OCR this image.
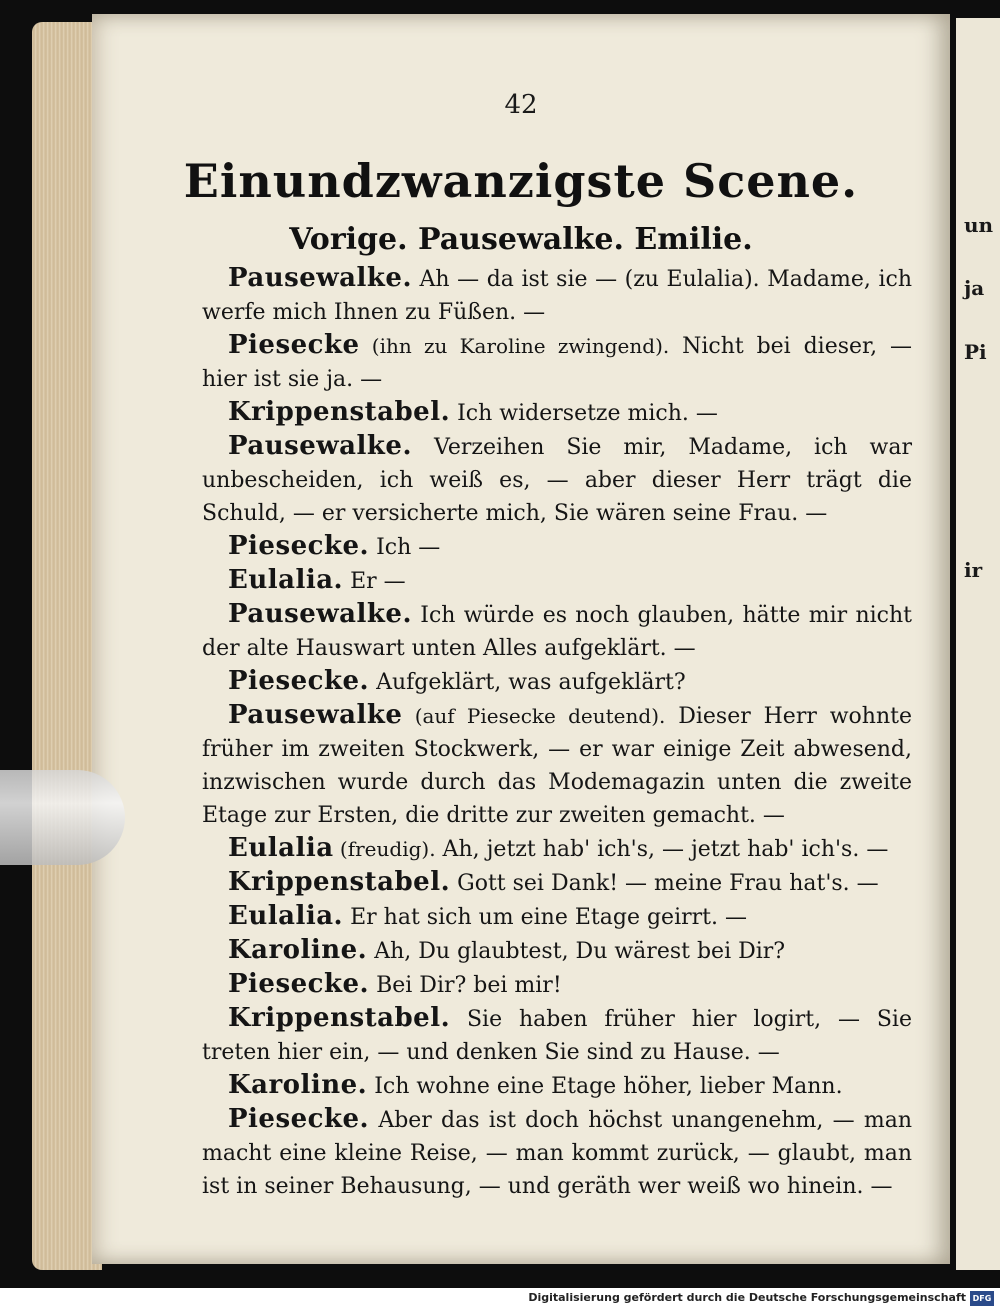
42
Einundzwanzigste Scene.
Vorige. Pausewalke. Emilie.

Pausewalke. Ah — da ist sie — (zu Eulalia). Madame, ich werfe mich Ihnen zu Füßen. —

Piesecke (ihn zu Karoline zwingend). Nicht bei dieser, — hier ist sie ja. —

Krippenstabel. Ich widersetze mich. —

Pausewalke. Verzeihen Sie mir, Madame, ich war unbescheiden, ich weiß es, — aber dieser Herr trägt die Schuld, — er versicherte mich, Sie wären seine Frau. —

Piesecke. Ich —

Eulalia. Er —

Pausewalke. Ich würde es noch glauben, hätte mir nicht der alte Hauswart unten Alles aufgeklärt. —

Piesecke. Aufgeklärt, was aufgeklärt?

Pausewalke (auf Piesecke deutend). Dieser Herr wohnte früher im zweiten Stockwerk, — er war einige Zeit abwesend, inzwischen wurde durch das Modemagazin unten die zweite Etage zur Ersten, die dritte zur zweiten gemacht. —

Eulalia (freudig). Ah, jetzt hab' ich's, — jetzt hab' ich's. —

Krippenstabel. Gott sei Dank! — meine Frau hat's. —

Eulalia. Er hat sich um eine Etage geirrt. —

Karoline. Ah, Du glaubtest, Du wärest bei Dir?

Piesecke. Bei Dir? bei mir!

Krippenstabel. Sie haben früher hier logirt, — Sie treten hier ein, — und denken Sie sind zu Hause. —

Karoline. Ich wohne eine Etage höher, lieber Mann.

Piesecke. Aber das ist doch höchst unangenehm, — man macht eine kleine Reise, — man kommt zurück, — glaubt, man ist in seiner Behausung, — und geräth wer weiß wo hinein. —

un
ja
Pi
ir
Digitalisierung gefördert durch die Deutsche Forschungsgemeinschaft DFG
